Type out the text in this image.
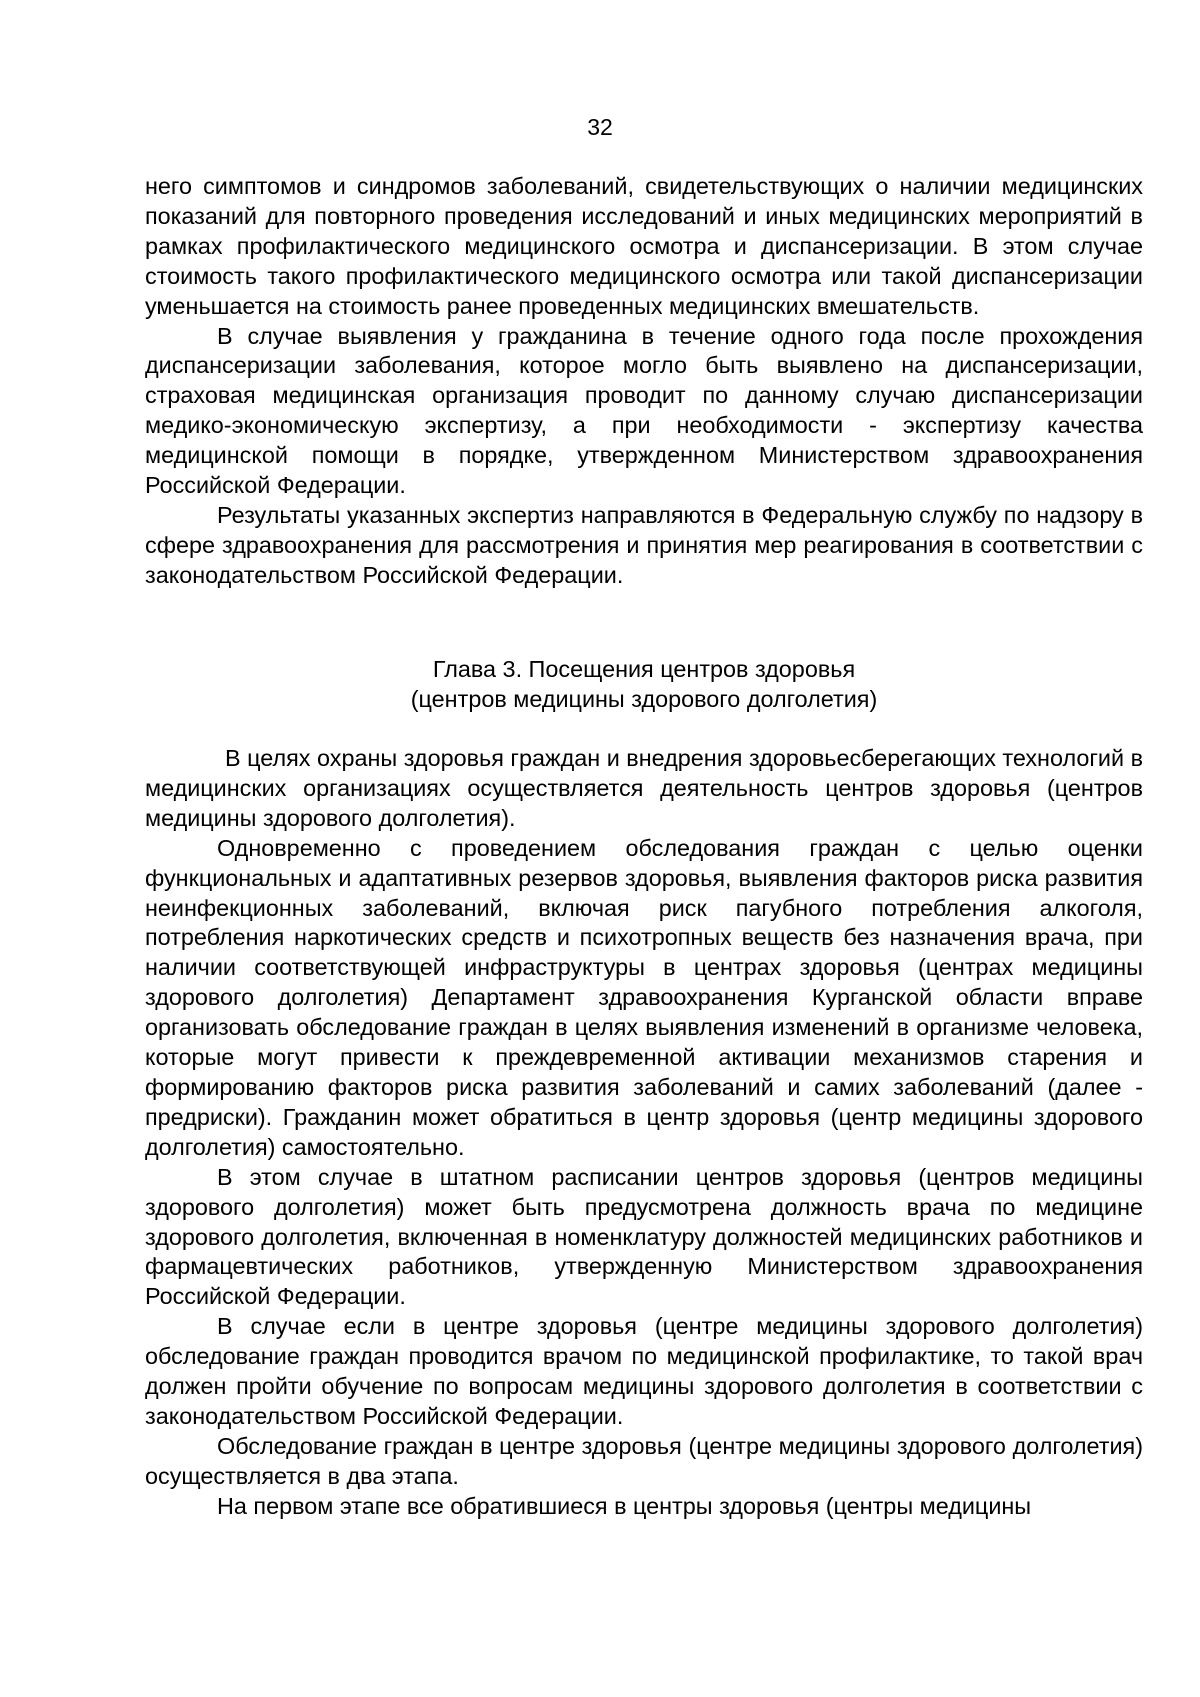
32

него симптомов и синдромов заболеваний, свидетельствующих о наличии медицинских показаний для повторного проведения исследований и иных медицинских мероприятий в рамках профилактического медицинского осмотра и диспансеризации. В этом случае стоимость такого профилактического медицинского осмотра или такой диспансеризации уменьшается на стоимость ранее проведенных медицинских вмешательств.

В случае выявления у гражданина в течение одного года после прохождения диспансеризации заболевания, которое могло быть выявлено на диспансеризации, страховая медицинская организация проводит по данному случаю диспансеризации медико-экономическую экспертизу, а при необходимости - экспертизу качества медицинской помощи в порядке, утвержденном Министерством здравоохранения Российской Федерации.

Результаты указанных экспертиз направляются в Федеральную службу по надзору в сфере здравоохранения для рассмотрения и принятия мер реагирования в соответствии с законодательством Российской Федерации.

Глава 3. Посещения центров здоровья
(центров медицины здорового долголетия)

В целях охраны здоровья граждан и внедрения здоровьесберегающих технологий в медицинских организациях осуществляется деятельность центров здоровья (центров медицины здорового долголетия).

Одновременно с проведением обследования граждан с целью оценки функциональных и адаптативных резервов здоровья, выявления факторов риска развития неинфекционных заболеваний, включая риск пагубного потребления алкоголя, потребления наркотических средств и психотропных веществ без назначения врача, при наличии соответствующей инфраструктуры в центрах здоровья (центрах медицины здорового долголетия) Департамент здравоохранения Курганской области вправе организовать обследование граждан в целях выявления изменений в организме человека, которые могут привести к преждевременной активации механизмов старения и формированию факторов риска развития заболеваний и самих заболеваний (далее - предриски). Гражданин может обратиться в центр здоровья (центр медицины здорового долголетия) самостоятельно.

В этом случае в штатном расписании центров здоровья (центров медицины здорового долголетия) может быть предусмотрена должность врача по медицине здорового долголетия, включенная в номенклатуру должностей медицинских работников и фармацевтических работников, утвержденную Министерством здравоохранения Российской Федерации.

В случае если в центре здоровья (центре медицины здорового долголетия) обследование граждан проводится врачом по медицинской профилактике, то такой врач должен пройти обучение по вопросам медицины здорового долголетия в соответствии с законодательством Российской Федерации.

Обследование граждан в центре здоровья (центре медицины здорового долголетия) осуществляется в два этапа.

На первом этапе все обратившиеся в центры здоровья (центры медицины
